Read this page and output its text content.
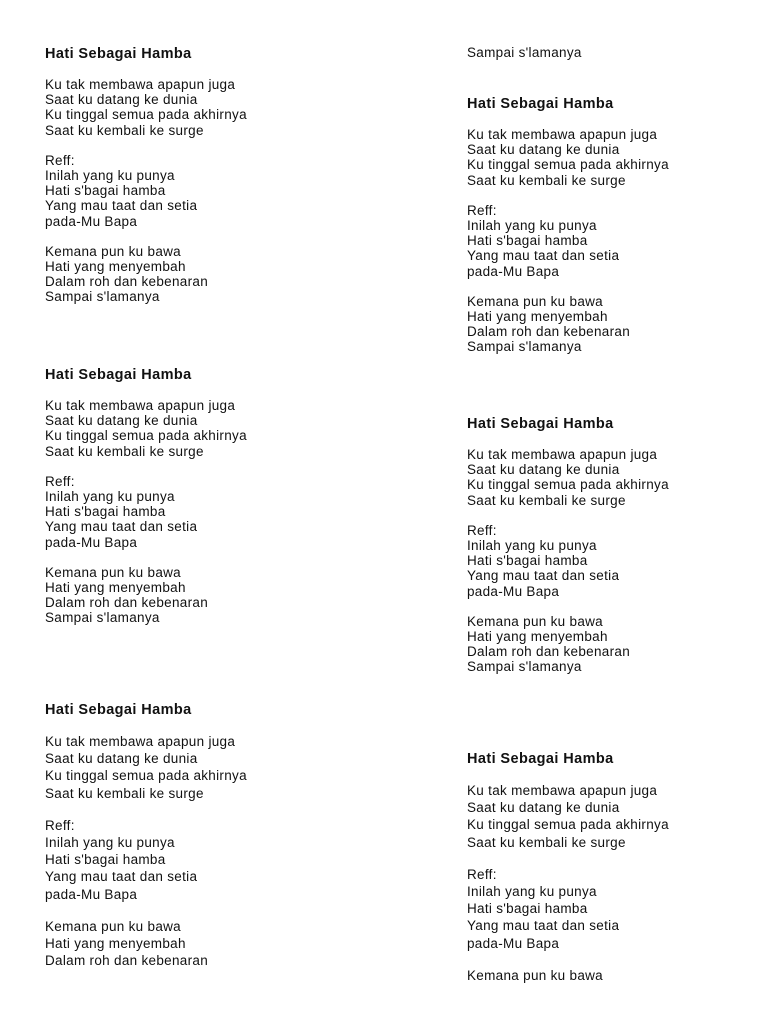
Sampai s'lamanya
Hati Sebagai Hamba
Ku tak membawa apapun juga
Saat ku datang ke dunia
Ku tinggal semua pada akhirnya
Saat ku kembali ke surge
Reff:
Inilah yang ku punya
Hati s'bagai hamba
Yang mau taat dan setia
pada-Mu Bapa
Kemana pun ku bawa
Hati yang menyembah
Dalam roh dan kebenaran
Sampai s'lamanya
Hati Sebagai Hamba
Ku tak membawa apapun juga
Saat ku datang ke dunia
Ku tinggal semua pada akhirnya
Saat ku kembali ke surge
Reff:
Inilah yang ku punya
Hati s'bagai hamba
Yang mau taat dan setia
pada-Mu Bapa
Kemana pun ku bawa
Hati yang menyembah
Dalam roh dan kebenaran
Sampai s'lamanya
Hati Sebagai Hamba
Ku tak membawa apapun juga
Saat ku datang ke dunia
Ku tinggal semua pada akhirnya
Saat ku kembali ke surge
Reff:
Inilah yang ku punya
Hati s'bagai hamba
Yang mau taat dan setia
pada-Mu Bapa
Kemana pun ku bawa
Hati yang menyembah
Dalam roh dan kebenaran
Sampai s'lamanya
Hati Sebagai Hamba
Ku tak membawa apapun juga
Saat ku datang ke dunia
Ku tinggal semua pada akhirnya
Saat ku kembali ke surge
Reff:
Inilah yang ku punya
Hati s'bagai hamba
Yang mau taat dan setia
pada-Mu Bapa
Kemana pun ku bawa
Hati yang menyembah
Dalam roh dan kebenaran
Sampai s'lamanya
Hati Sebagai Hamba
Ku tak membawa apapun juga
Saat ku datang ke dunia
Ku tinggal semua pada akhirnya
Saat ku kembali ke surge
Reff:
Inilah yang ku punya
Hati s'bagai hamba
Yang mau taat dan setia
pada-Mu Bapa
Kemana pun ku bawa
Hati yang menyembah
Dalam roh dan kebenaran
Hati Sebagai Hamba
Ku tak membawa apapun juga
Saat ku datang ke dunia
Ku tinggal semua pada akhirnya
Saat ku kembali ke surge
Reff:
Inilah yang ku punya
Hati s'bagai hamba
Yang mau taat dan setia
pada-Mu Bapa
Kemana pun ku bawa
